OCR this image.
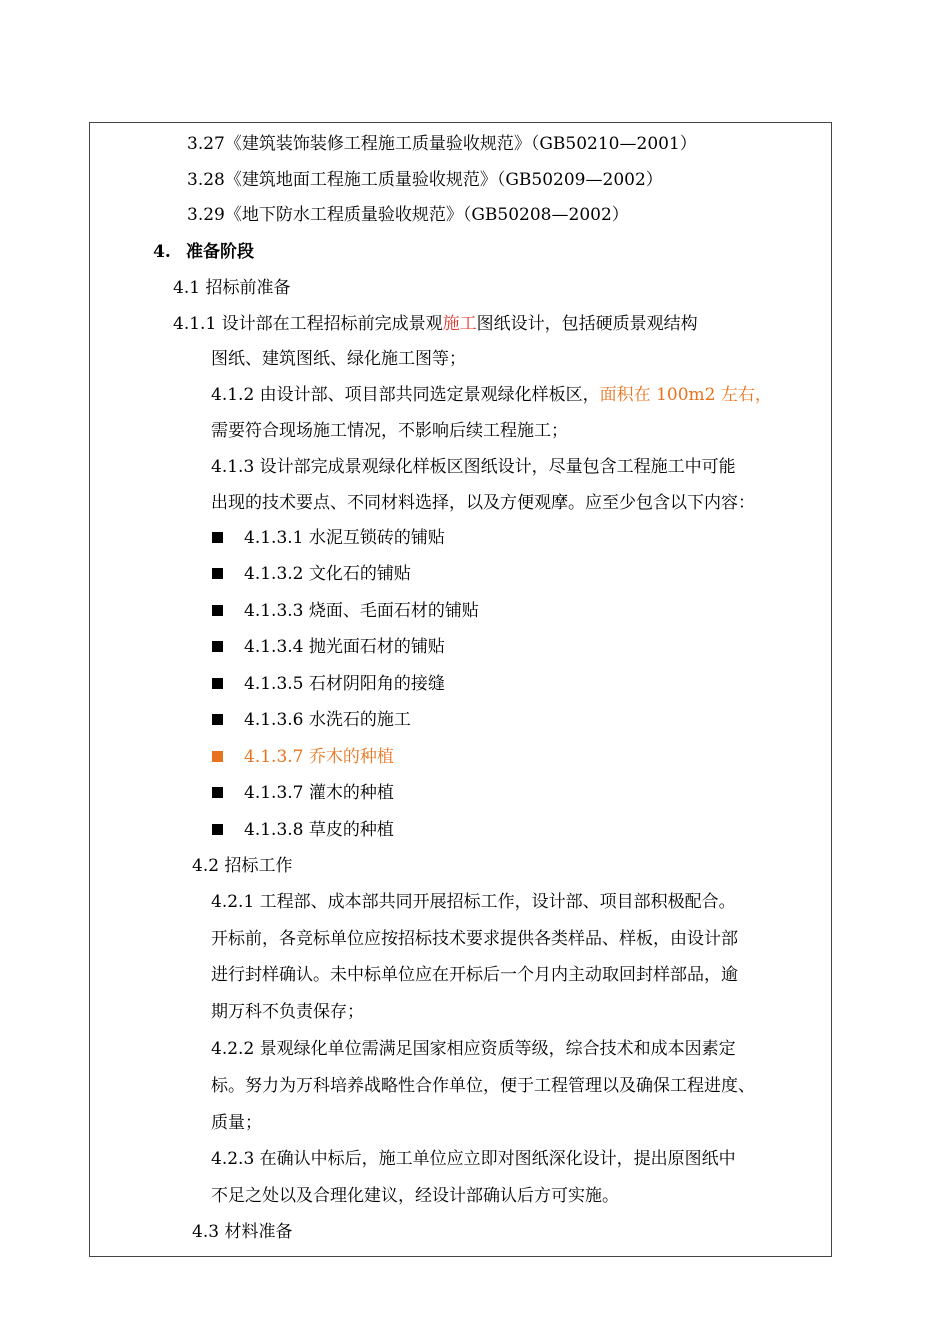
3.27《建筑装饰装修工程施工质量验收规范》（GB50210—2001）
3.28《建筑地面工程施工质量验收规范》（GB50209—2002）
3.29《地下防水工程质量验收规范》（GB50208—2002）
4. 准备阶段
4.1 招标前准备
4.1.1 设计部在工程招标前完成景观施工图纸设计，包括硬质景观结构
图纸、建筑图纸、绿化施工图等；
4.1.2 由设计部、项目部共同选定景观绿化样板区，面积在 100m2 左右，
需要符合现场施工情况，不影响后续工程施工；
4.1.3 设计部完成景观绿化样板区图纸设计，尽量包含工程施工中可能
出现的技术要点、不同材料选择，以及方便观摩。应至少包含以下内容：
4.1.3.1 水泥互锁砖的铺贴
4.1.3.2 文化石的铺贴
4.1.3.3 烧面、毛面石材的铺贴
4.1.3.4 抛光面石材的铺贴
4.1.3.5 石材阴阳角的接缝
4.1.3.6 水洗石的施工
4.1.3.7 乔木的种植
4.1.3.7 灌木的种植
4.1.3.8 草皮的种植
4.2 招标工作
4.2.1 工程部、成本部共同开展招标工作，设计部、项目部积极配合。
开标前，各竞标单位应按招标技术要求提供各类样品、样板，由设计部
进行封样确认。未中标单位应在开标后一个月内主动取回封样部品，逾
期万科不负责保存；
4.2.2 景观绿化单位需满足国家相应资质等级，综合技术和成本因素定
标。努力为万科培养战略性合作单位，便于工程管理以及确保工程进度、
质量；
4.2.3 在确认中标后，施工单位应立即对图纸深化设计，提出原图纸中
不足之处以及合理化建议，经设计部确认后方可实施。
4.3 材料准备
